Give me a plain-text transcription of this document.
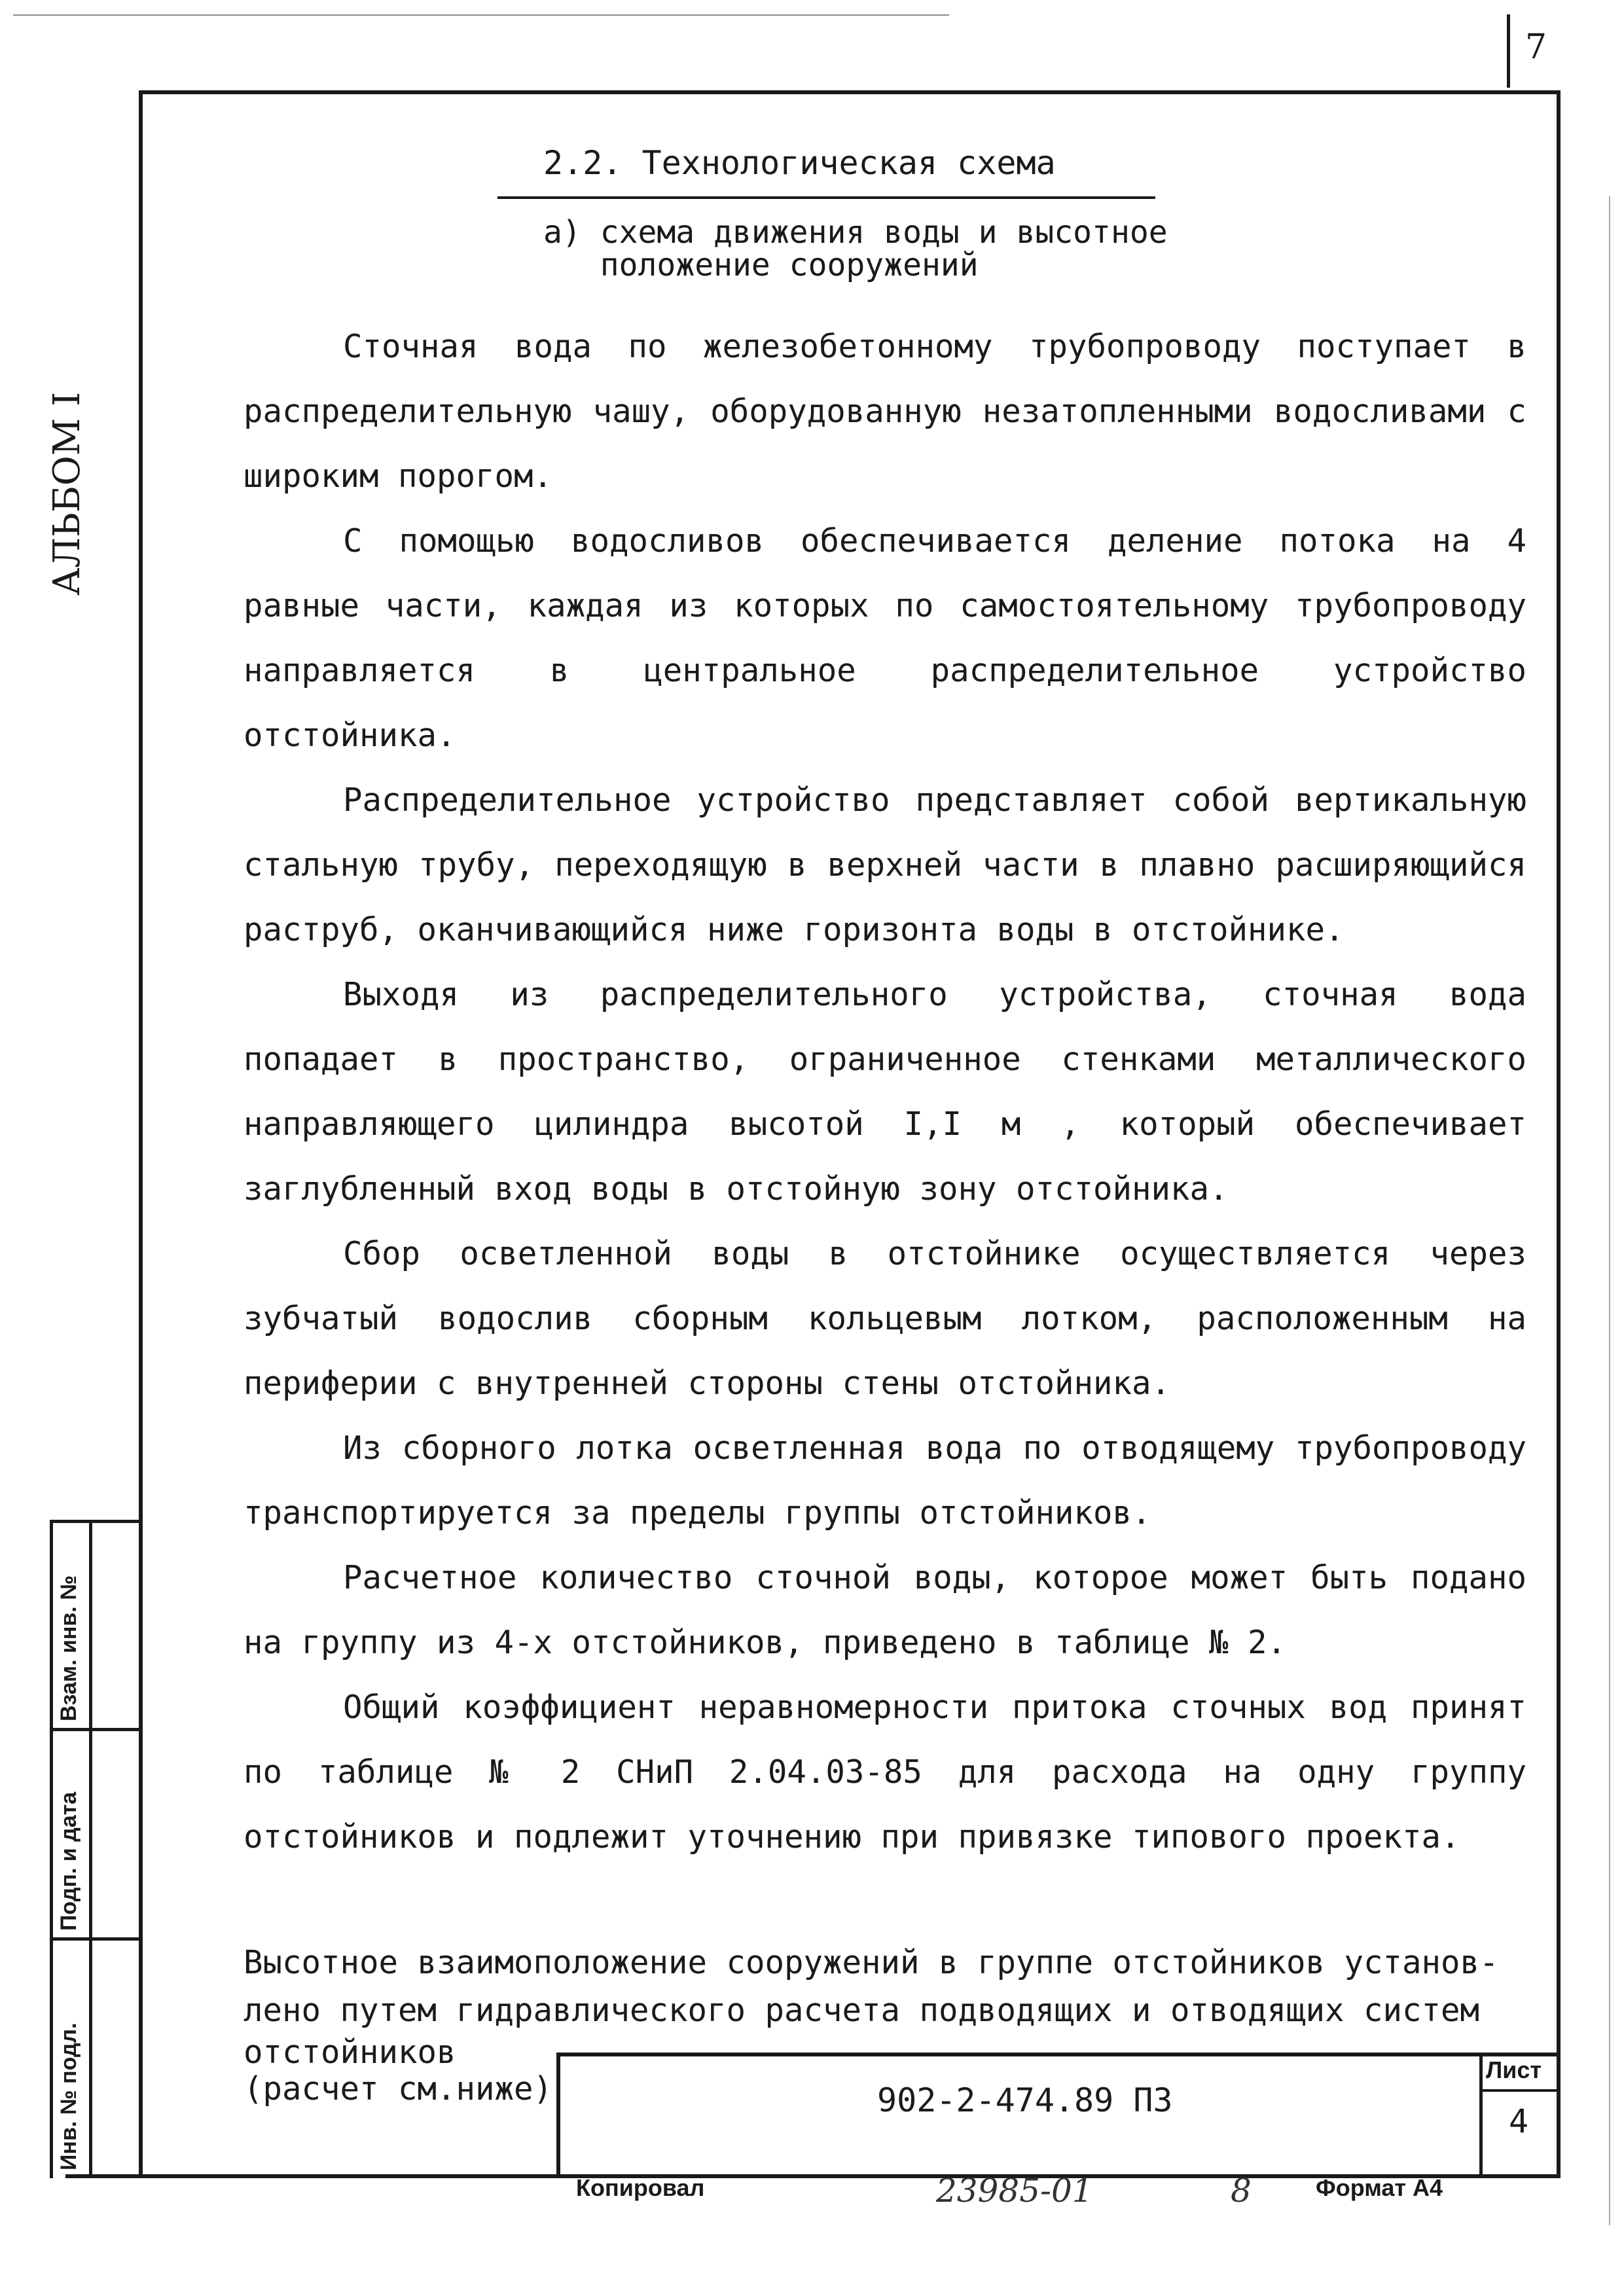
7
АЛЬБОМ I
2.2. Технологическая схема
а) схема движения воды и высотное
положение сооружений

Сточная вода по железобетонному трубопроводу поступает в распределительную чашу, оборудованную незатопленными водосливами с широким порогом.

С помощью водосливов обеспечивается деление потока на 4 равные части, каждая из которых по самостоятельному трубопроводу направляется в центральное распределительное устройство отстойника.

Распределительное устройство представляет собой вертикальную стальную трубу, переходящую в верхней части в плавно расширяющийся раструб, оканчивающийся ниже горизонта воды в отстойнике.

Выходя из распределительного устройства, сточная вода попадает в пространство, ограниченное стенками металлического направляющего цилиндра высотой I,I м , который обеспечивает заглубленный вход воды в отстойную зону отстойника.

Сбор осветленной воды в отстойнике осуществляется через зубчатый водослив сборным кольцевым лотком, расположенным на периферии с внутренней стороны стены отстойника.

Из сборного лотка осветленная вода по отводящему трубопроводу транспортируется за пределы группы отстойников.

Расчетное количество сточной воды, которое может быть подано на группу из 4-х отстойников, приведено в таблице № 2.

Общий коэффициент неравномерности притока сточных вод принят по таблице № 2 СНиП 2.04.03-85 для расхода на одну группу отстойников и подлежит уточнению при привязке типового проекта.

Высотное взаимоположение сооружений в группе отстойников установ-
лено путем гидравлического расчета подводящих и отводящих систем
отстойников
(расчет см.ниже)
Взам. инв. №
Подп. и дата
Инв. № подл.	902-2-474.89 ПЗ
Лист
4
Копировал	23985-01	8	Формат А4
